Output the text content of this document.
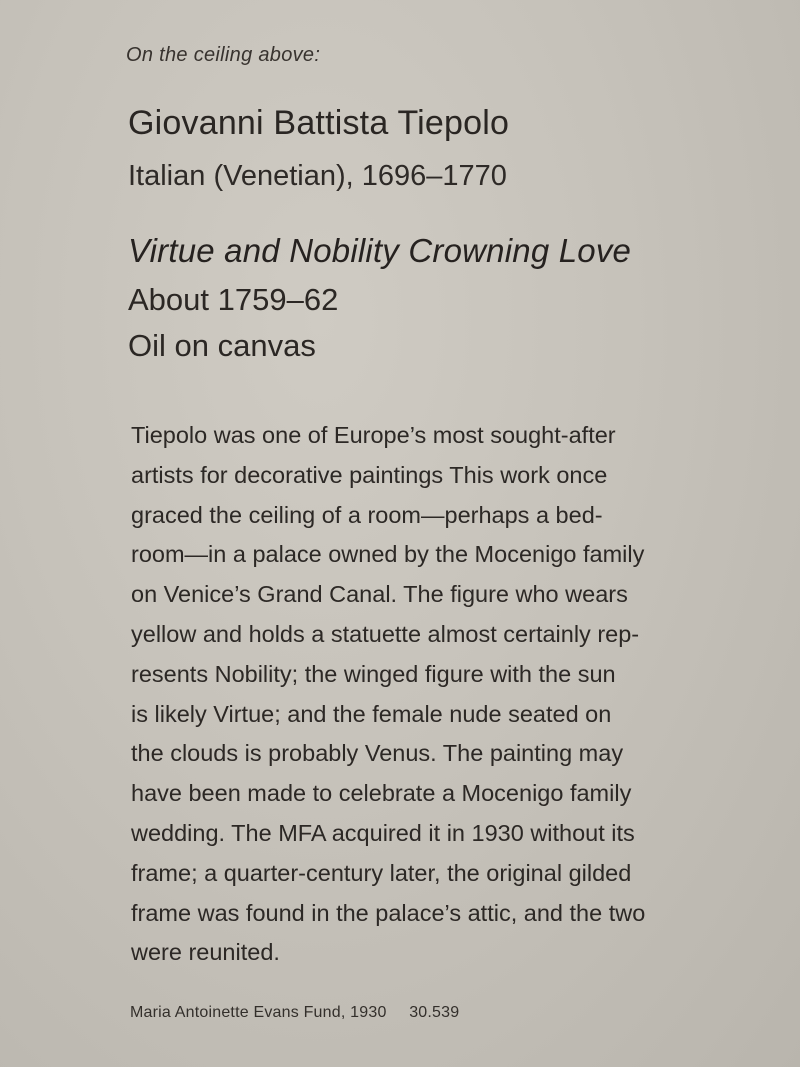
On the ceiling above:
Giovanni Battista Tiepolo
Italian (Venetian), 1696–1770
Virtue and Nobility Crowning Love
About 1759–62
Oil on canvas
Tiepolo was one of Europe’s most sought-after
artists for decorative paintings This work once
graced the ceiling of a room—perhaps a bed-
room—in a palace owned by the Mocenigo family
on Venice’s Grand Canal. The figure who wears
yellow and holds a statuette almost certainly rep-
resents Nobility; the winged figure with the sun
is likely Virtue; and the female nude seated on
the clouds is probably Venus. The painting may
have been made to celebrate a Mocenigo family
wedding. The MFA acquired it in 1930 without its
frame; a quarter-century later, the original gilded
frame was found in the palace’s attic, and the two
were reunited.
Maria Antoinette Evans Fund, 1930 30.539
